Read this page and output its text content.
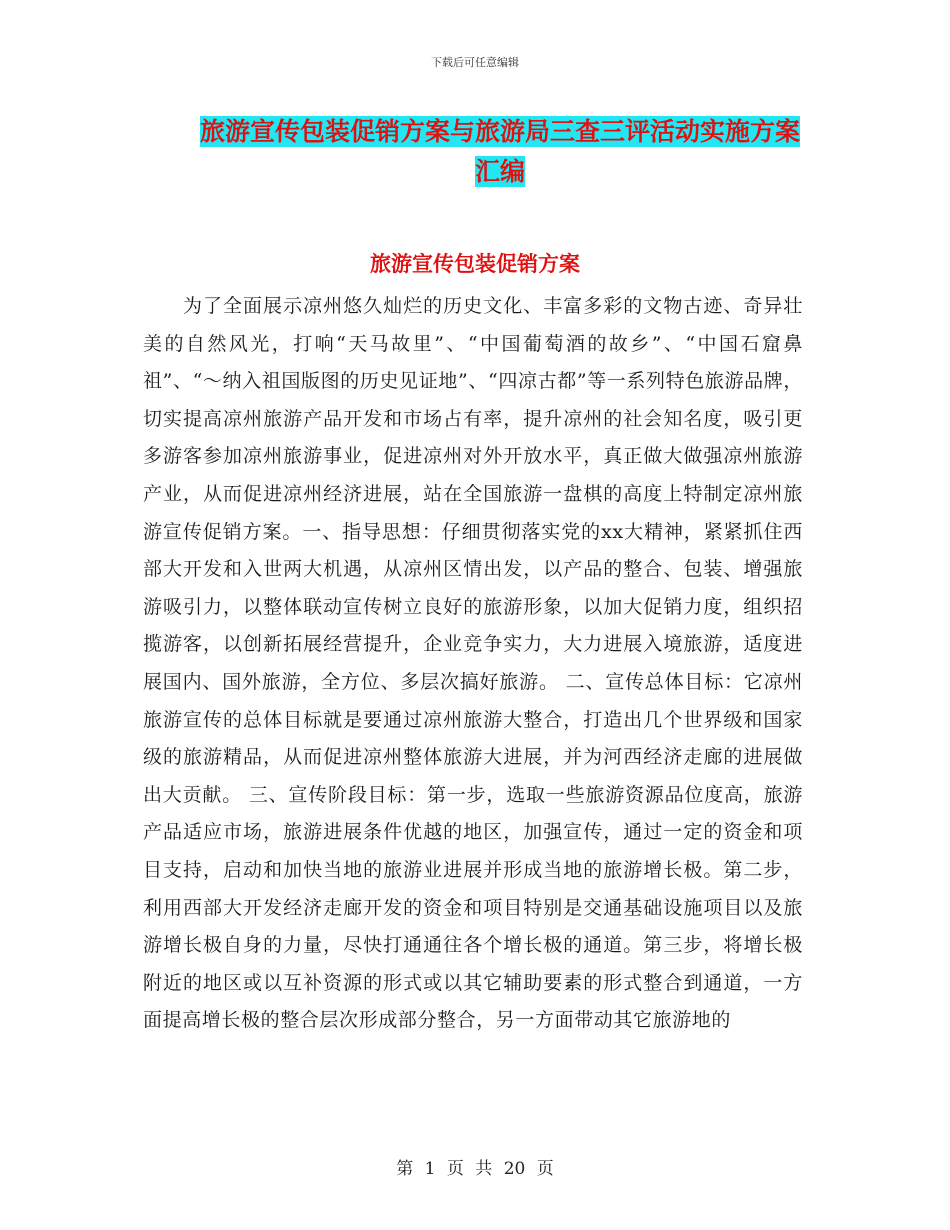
下载后可任意编辑
旅游宣传包装促销方案与旅游局三查三评活动实施方案汇编
旅游宣传包装促销方案

为了全面展示凉州悠久灿烂的历史文化、丰富多彩的文物古迹、奇异壮美的自然风光，打响“天马故里”、“中国葡萄酒的故乡”、“中国石窟鼻祖”、“～纳入祖国版图的历史见证地”、“四凉古都”等一系列特色旅游品牌，切实提高凉州旅游产品开发和市场占有率，提升凉州的社会知名度，吸引更多游客参加凉州旅游事业，促进凉州对外开放水平，真正做大做强凉州旅游产业，从而促进凉州经济进展，站在全国旅游一盘棋的高度上特制定凉州旅游宣传促销方案。一、指导思想：仔细贯彻落实党的xx大精神，紧紧抓住西部大开发和入世两大机遇，从凉州区情出发，以产品的整合、包装、增强旅游吸引力，以整体联动宣传树立良好的旅游形象，以加大促销力度，组织招揽游客，以创新拓展经营提升，企业竞争实力，大力进展入境旅游，适度进展国内、国外旅游，全方位、多层次搞好旅游。 二、宣传总体目标：它凉州旅游宣传的总体目标就是要通过凉州旅游大整合，打造出几个世界级和国家级的旅游精品，从而促进凉州整体旅游大进展，并为河西经济走廊的进展做出大贡献。 三、宣传阶段目标：第一步，选取一些旅游资源品位度高，旅游产品适应市场，旅游进展条件优越的地区，加强宣传，通过一定的资金和项目支持，启动和加快当地的旅游业进展并形成当地的旅游增长极。第二步，利用西部大开发经济走廊开发的资金和项目特别是交通基础设施项目以及旅游增长极自身的力量，尽快打通通往各个增长极的通道。第三步，将增长极附近的地区或以互补资源的形式或以其它辅助要素的形式整合到通道，一方面提高增长极的整合层次形成部分整合，另一方面带动其它旅游地的

第 1 页 共 20 页
